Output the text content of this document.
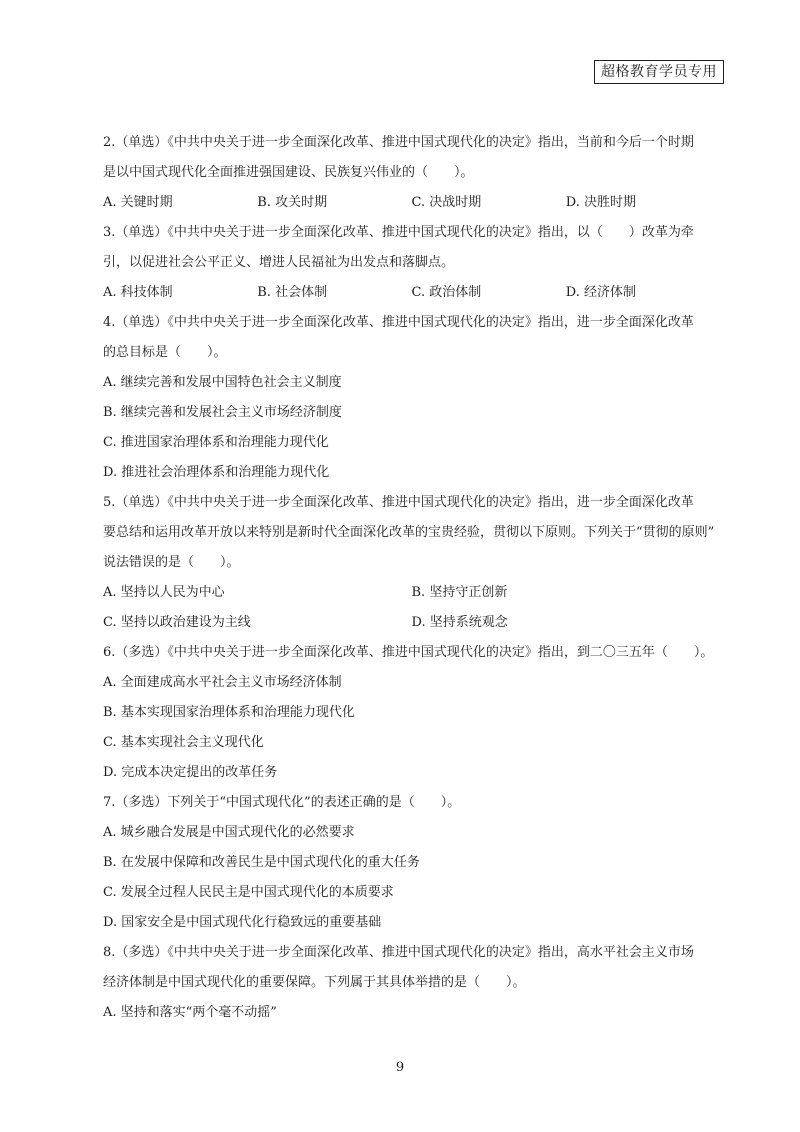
超格教育学员专用

2.（单选）《中共中央关于进一步全面深化改革、推进中国式现代化的决定》指出，当前和今后一个时期

是以中国式现代化全面推进强国建设、民族复兴伟业的（　　）。

A. 关键时期	B. 攻关时期	C. 决战时期	D. 决胜时期

3.（单选）《中共中央关于进一步全面深化改革、推进中国式现代化的决定》指出，以（　　）改革为牵

引，以促进社会公平正义、增进人民福祉为出发点和落脚点。

A. 科技体制	B. 社会体制	C. 政治体制	D. 经济体制

4.（单选）《中共中央关于进一步全面深化改革、推进中国式现代化的决定》指出，进一步全面深化改革

的总目标是（　　）。

A. 继续完善和发展中国特色社会主义制度

B. 继续完善和发展社会主义市场经济制度

C. 推进国家治理体系和治理能力现代化

D. 推进社会治理体系和治理能力现代化

5.（单选）《中共中央关于进一步全面深化改革、推进中国式现代化的决定》指出，进一步全面深化改革

要总结和运用改革开放以来特别是新时代全面深化改革的宝贵经验，贯彻以下原则。下列关于“贯彻的原则”

说法错误的是（　　）。

A. 坚持以人民为中心	B. 坚持守正创新
C. 坚持以政治建设为主线	D. 坚持系统观念

6.（多选）《中共中央关于进一步全面深化改革、推进中国式现代化的决定》指出，到二〇三五年（　　）。

A. 全面建成高水平社会主义市场经济体制

B. 基本实现国家治理体系和治理能力现代化

C. 基本实现社会主义现代化

D. 完成本决定提出的改革任务

7.（多选）下列关于“中国式现代化”的表述正确的是（　　）。

A. 城乡融合发展是中国式现代化的必然要求

B. 在发展中保障和改善民生是中国式现代化的重大任务

C. 发展全过程人民民主是中国式现代化的本质要求

D. 国家安全是中国式现代化行稳致远的重要基础

8.（多选）《中共中央关于进一步全面深化改革、推进中国式现代化的决定》指出，高水平社会主义市场

经济体制是中国式现代化的重要保障。下列属于其具体举措的是（　　）。

A. 坚持和落实“两个毫不动摇”

9
